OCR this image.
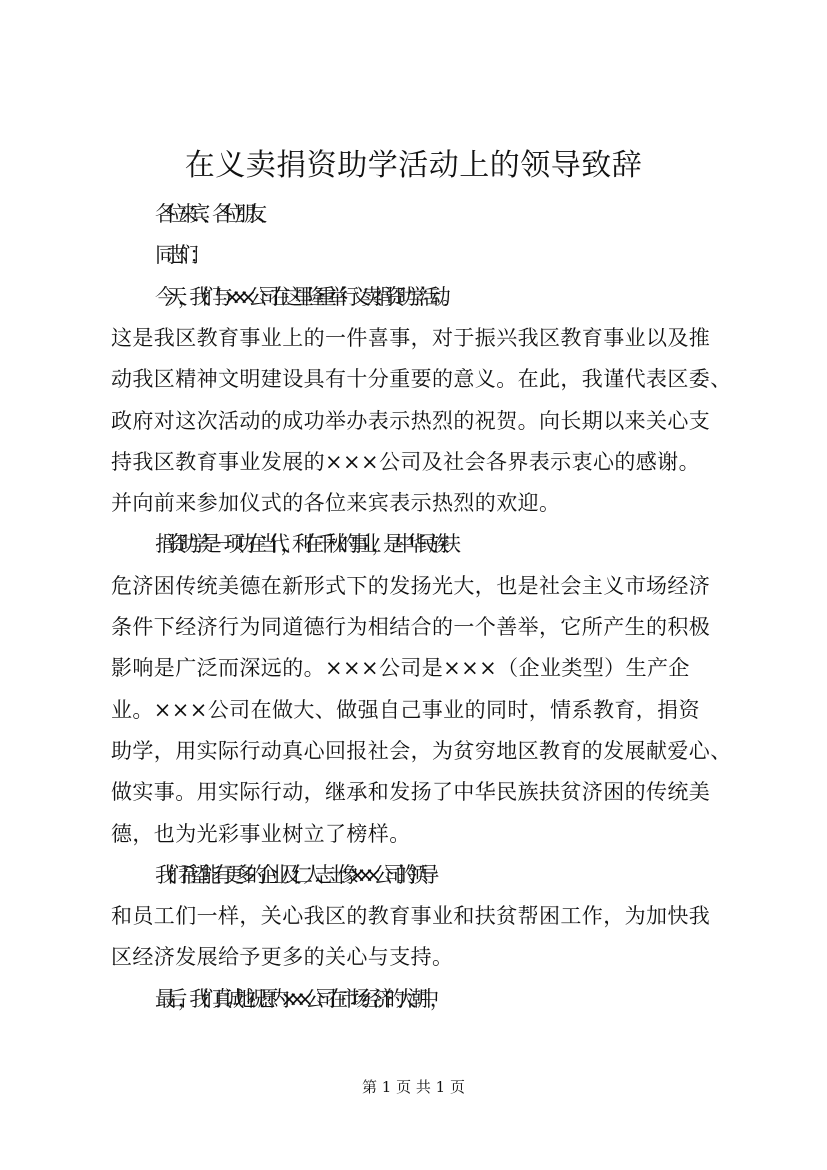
在义卖捐资助学活动上的领导致辞
各位来宾、各位朋友、
同志们：
今天，我们与×××公司在这里隆重举行义卖捐资助学活动。
这是我区教育事业上的一件喜事，对于振兴我区教育事业以及推
动我区精神文明建设具有十分重要的意义。在此，我谨代表区委、
政府对这次活动的成功举办表示热烈的祝贺。向长期以来关心支
持我区教育事业发展的×××公司及社会各界表示衷心的感谢。
并向前来参加仪式的各位来宾表示热烈的欢迎。
捐资助学是一项功在当代，利在千秋的事业，是中华民族扶
危济困传统美德在新形式下的发扬光大，也是社会主义市场经济
条件下经济行为同道德行为相结合的一个善举，它所产生的积极
影响是广泛而深远的。×××公司是×××（企业类型）生产企
业。×××公司在做大、做强自己事业的同时，情系教育，捐资
助学，用实际行动真心回报社会，为贫穷地区教育的发展献爱心、
做实事。用实际行动，继承和发扬了中华民族扶贫济困的传统美
德，也为光彩事业树立了榜样。
我们希望能有更多的企业及仁人志士像×××公司的领导
和员工们一样，关心我区的教育事业和扶贫帮困工作，为加快我
区经济发展给予更多的关心与支持。
最后，我们真诚地祝愿内×××公司在市场经济的大潮中，
第 1 页 共 1 页
